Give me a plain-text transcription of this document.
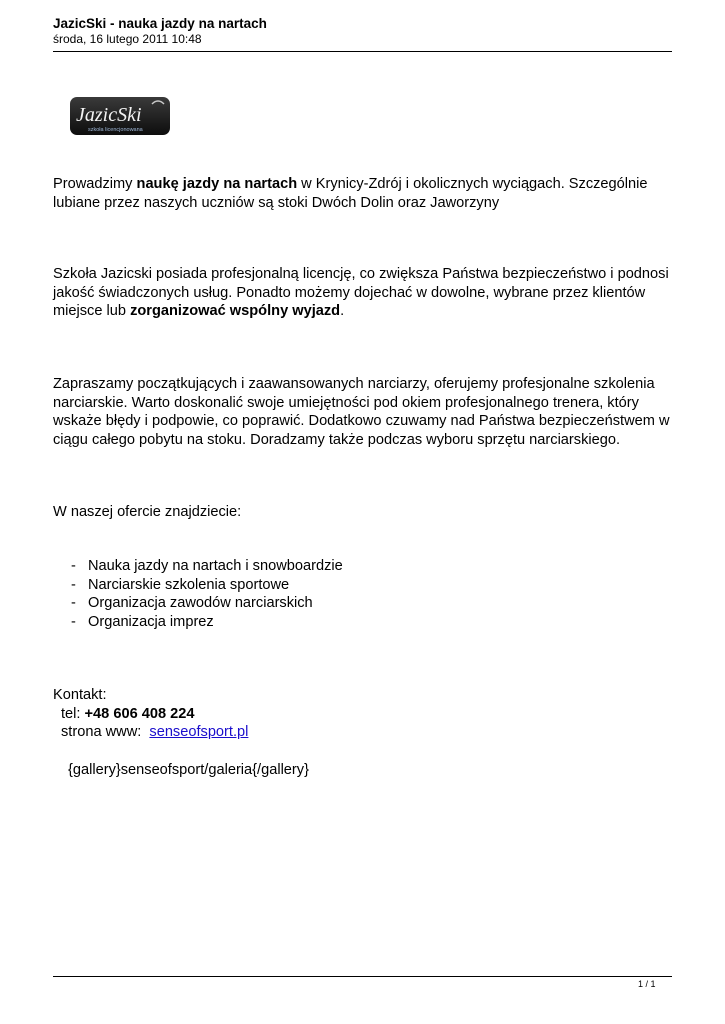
JazicSki - nauka jazdy na nartach
środa, 16 lutego 2011 10:48
JazicSki
szkoła licencjonowana
Prowadzimy naukę jazdy na nartach w Krynicy-Zdrój i okolicznych wyciągach. Szczególnie lubiane przez naszych uczniów są stoki Dwóch Dolin oraz Jaworzyny
Szkoła Jazicski posiada profesjonalną licencję, co zwiększa Państwa bezpieczeństwo i podnosi jakość świadczonych usług. Ponadto możemy dojechać w dowolne, wybrane przez klientów miejsce lub zorganizować wspólny wyjazd.
Zapraszamy początkujących i zaawansowanych narciarzy, oferujemy profesjonalne szkolenia narciarskie. Warto doskonalić swoje umiejętności pod okiem profesjonalnego trenera, który wskaże błędy i podpowie, co poprawić. Dodatkowo czuwamy nad Państwa bezpieczeństwem w ciągu całego pobytu na stoku. Doradzamy także podczas wyboru sprzętu narciarskiego.
W naszej ofercie znajdziecie:
- Nauka jazdy na nartach i snowboardzie
- Narciarskie szkolenia sportowe
- Organizacja zawodów narciarskich
- Organizacja imprez
Kontakt:
tel: +48 606 408 224
strona www:  senseofsport.pl
{gallery}senseofsport/galeria{/gallery}
1 / 1
